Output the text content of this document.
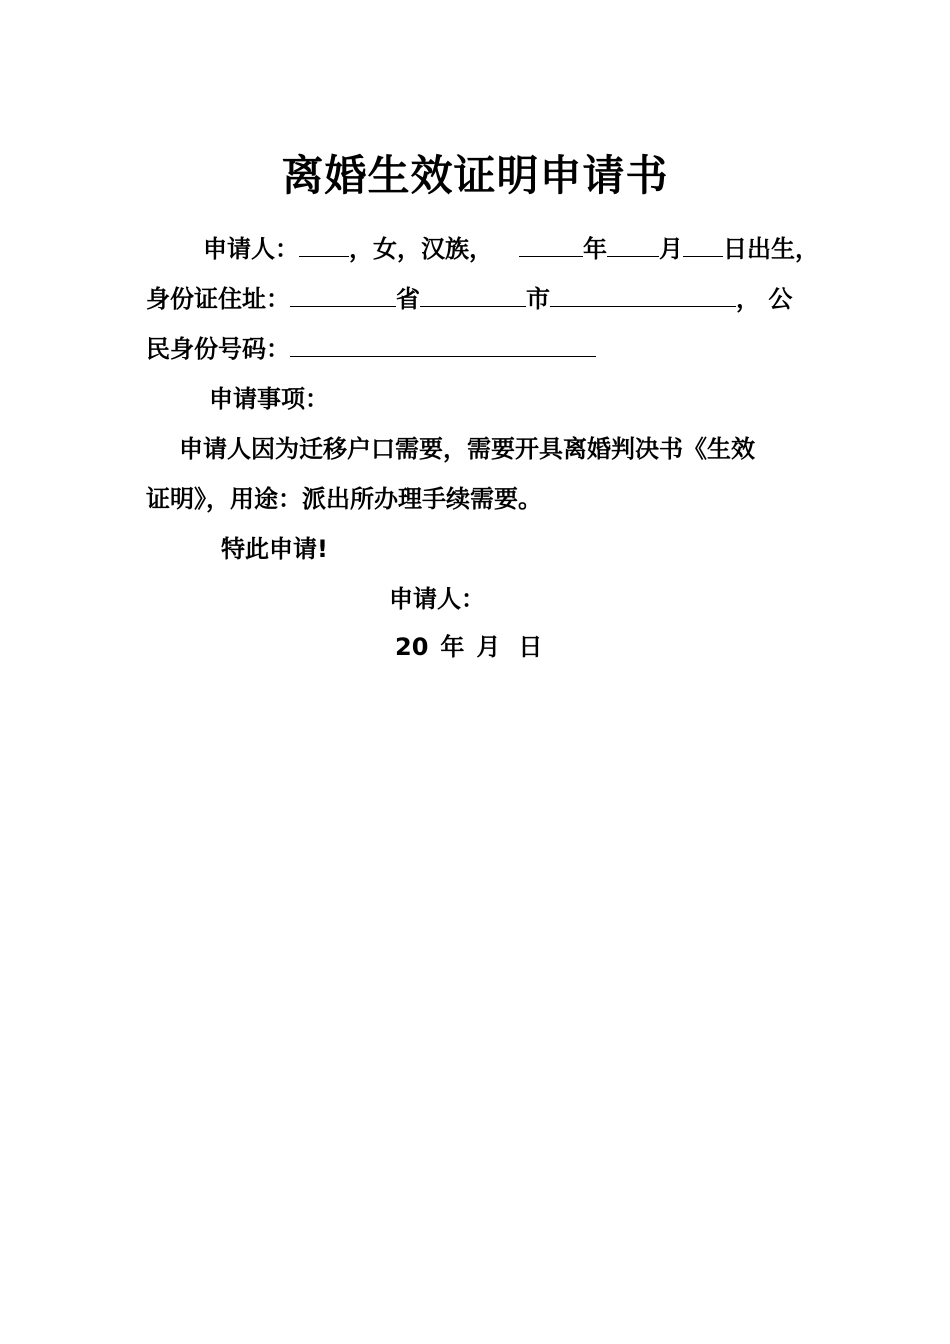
离婚生效证明申请书
申请人： ，女，汉族，	年 月 日出生，
身份证住址：	省	市	， 公
民身份号码：
申请事项：
申请人因为迁移户口需要，需要开具离婚判决书《生效
证明》，用途：派出所办理手续需要。
特此申请!
申请人：
20 年 月 日
